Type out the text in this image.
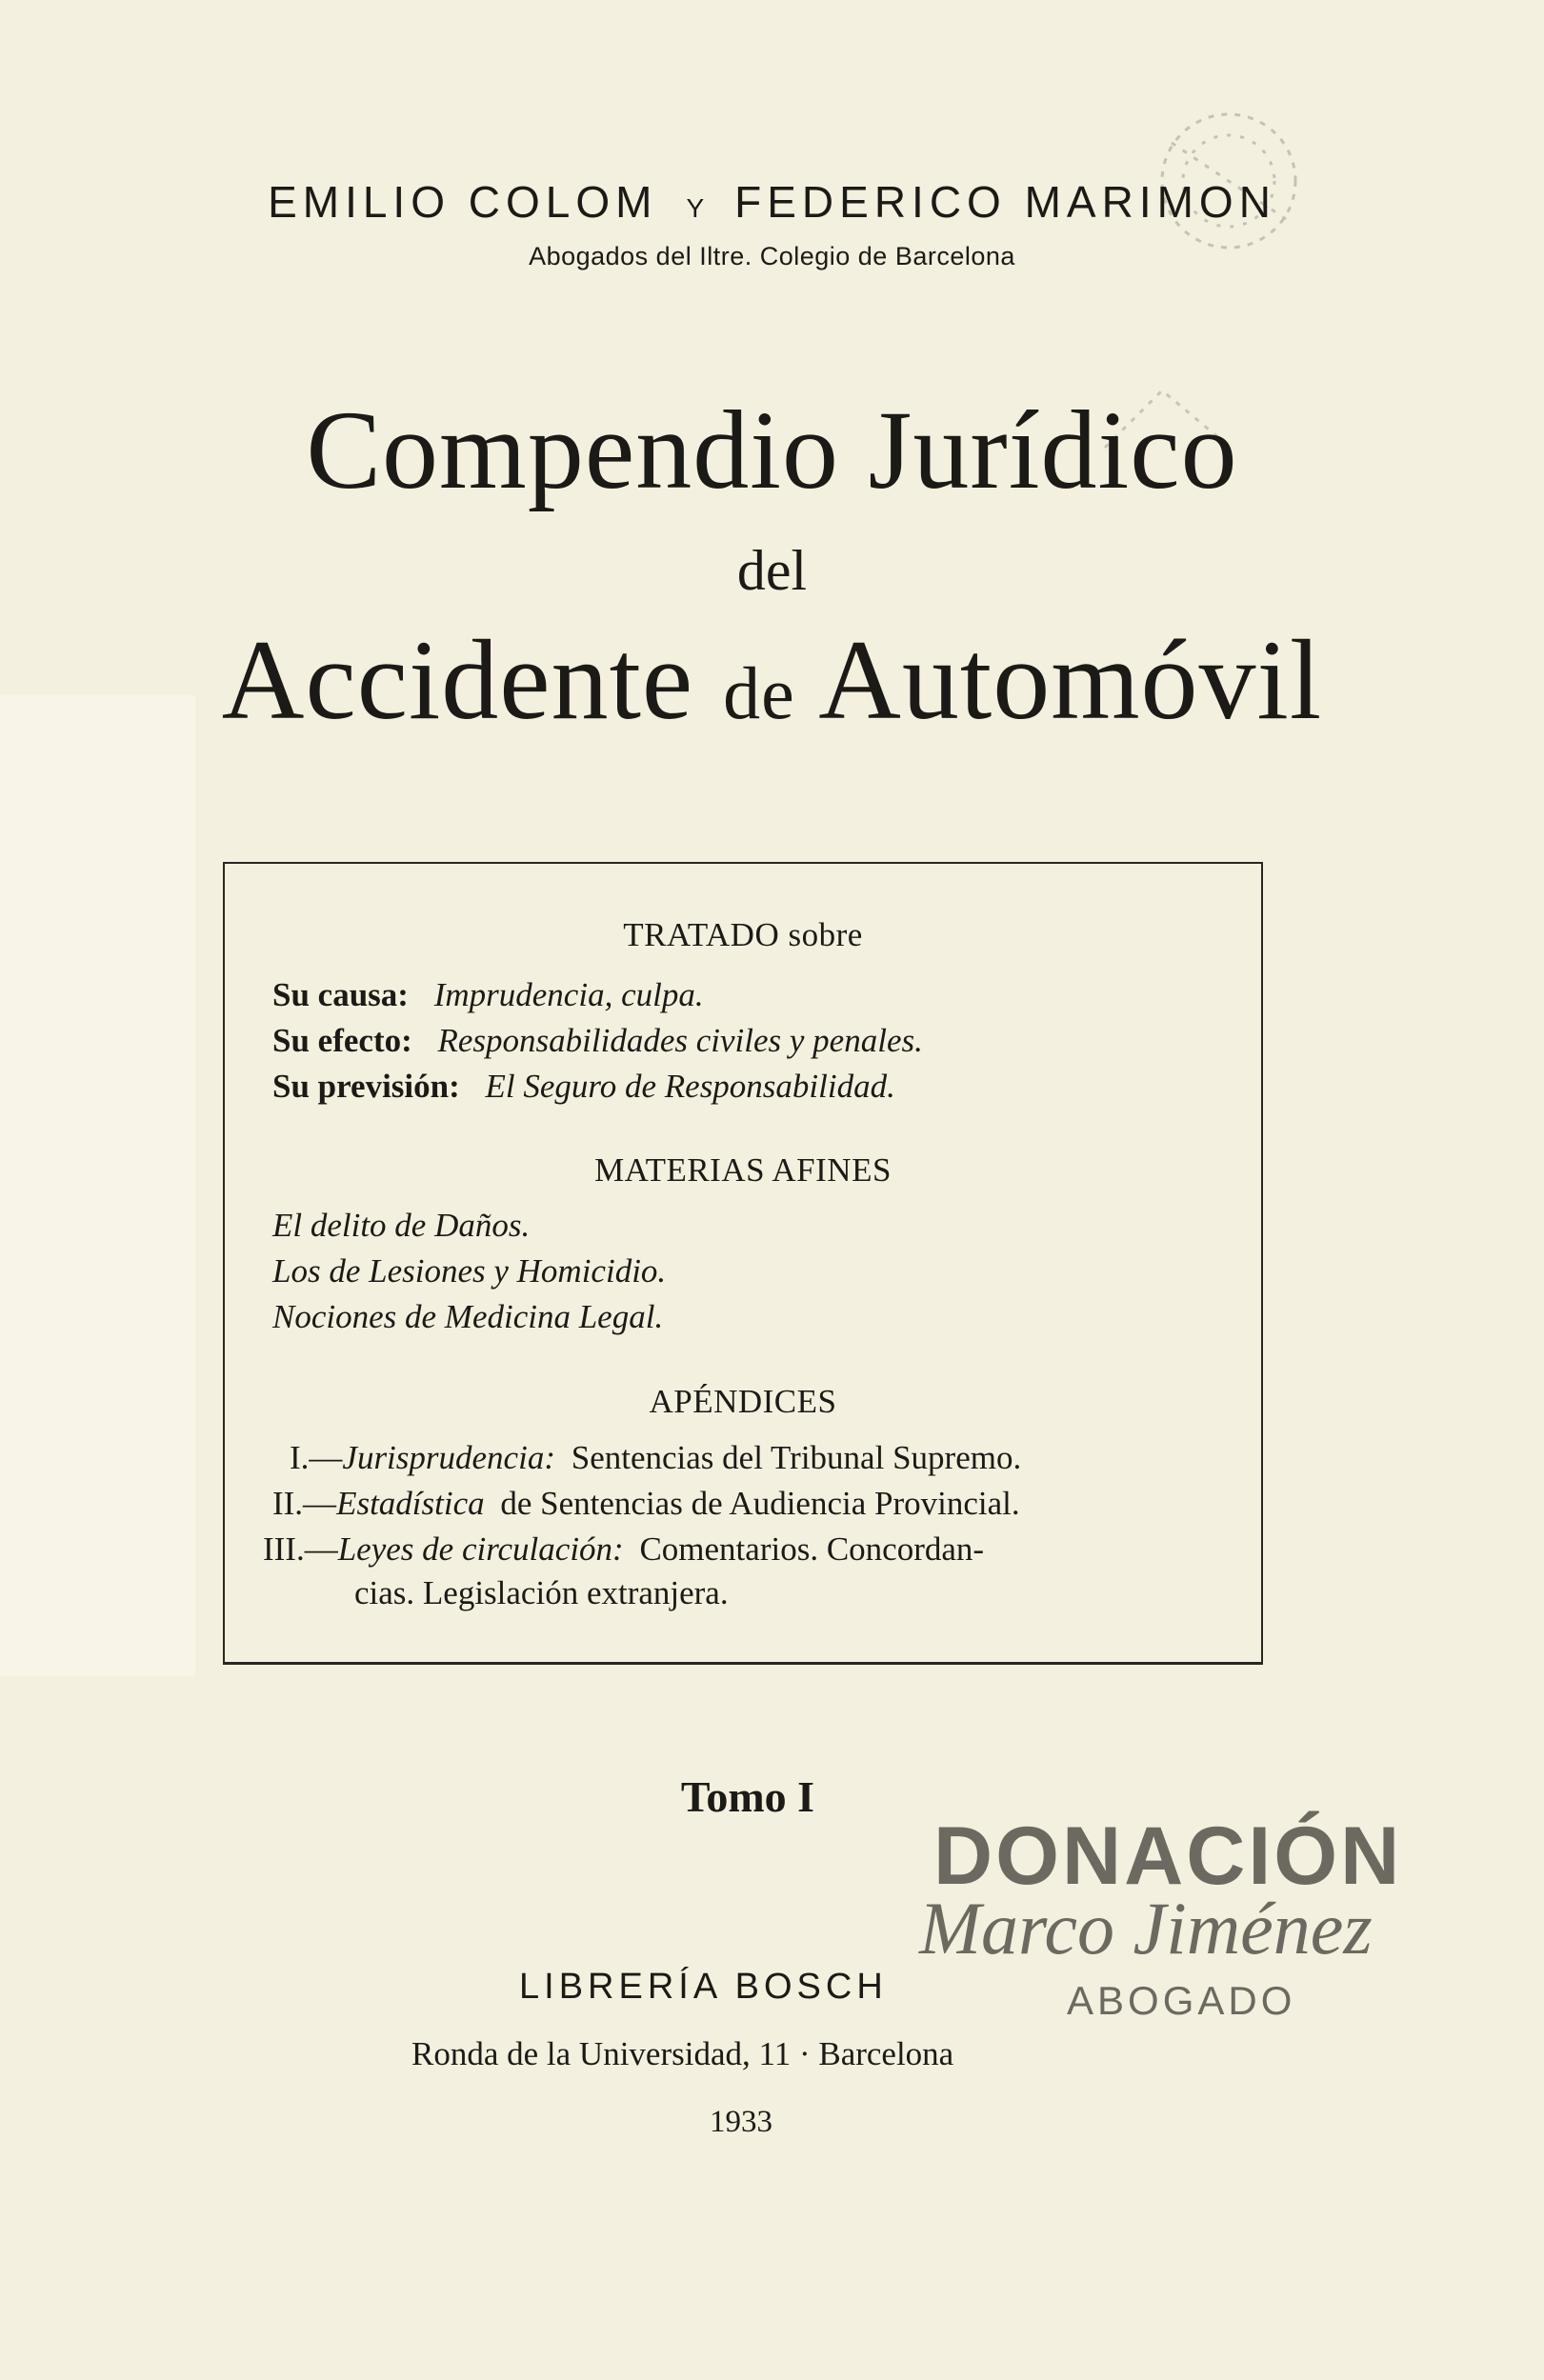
EMILIO COLOM Y FEDERICO MARIMON
Abogados del Iltre. Colegio de Barcelona
Compendio Jurídico
del
Accidente de Automóvil
TRATADO sobre
Su causa: Imprudencia, culpa.
Su efecto: Responsabilidades civiles y penales.
Su previsión: El Seguro de Responsabilidad.
MATERIAS AFINES
El delito de Daños.
Los de Lesiones y Homicidio.
Nociones de Medicina Legal.
APÉNDICES
I.—Jurisprudencia: Sentencias del Tribunal Supremo.
II.—Estadística de Sentencias de Audiencia Provincial.
III.—Leyes de circulación: Comentarios. Concordan-
cias. Legislación extranjera.
Tomo I
DONACIÓN
Marco Jiménez
ABOGADO
LIBRERÍA BOSCH
Ronda de la Universidad, 11 · Barcelona
1933
